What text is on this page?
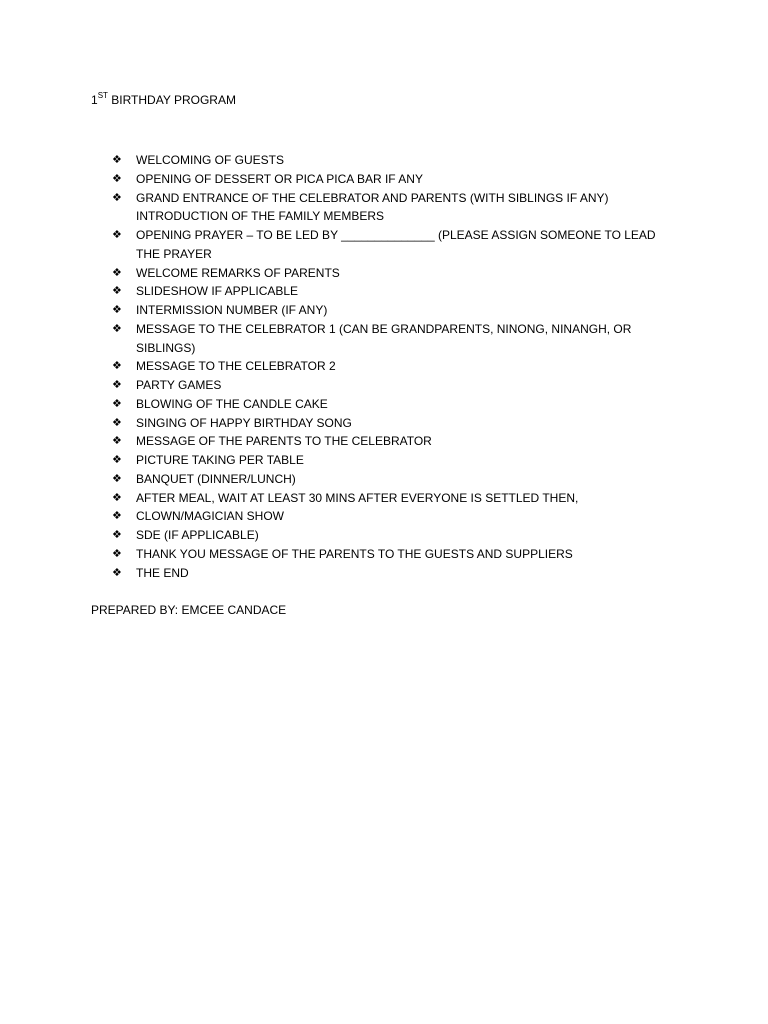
1ST BIRTHDAY PROGRAM
❖	WELCOMING OF GUESTS
❖	OPENING OF DESSERT OR PICA PICA BAR IF ANY
❖	GRAND ENTRANCE OF THE CELEBRATOR AND PARENTS (WITH SIBLINGS IF ANY) INTRODUCTION OF THE FAMILY MEMBERS
❖	OPENING PRAYER – TO BE LED BY ______________ (PLEASE ASSIGN SOMEONE TO LEAD THE PRAYER
❖	WELCOME REMARKS OF PARENTS
❖	SLIDESHOW IF APPLICABLE
❖	INTERMISSION NUMBER (IF ANY)
❖	MESSAGE TO THE CELEBRATOR 1 (CAN BE GRANDPARENTS, NINONG, NINANGH, OR SIBLINGS)
❖	MESSAGE TO THE CELEBRATOR 2
❖	PARTY GAMES
❖	BLOWING OF THE CANDLE CAKE
❖	SINGING OF HAPPY BIRTHDAY SONG
❖	MESSAGE OF THE PARENTS TO THE CELEBRATOR
❖	PICTURE TAKING PER TABLE
❖	BANQUET (DINNER/LUNCH)
❖	AFTER MEAL, WAIT AT LEAST 30 MINS AFTER EVERYONE IS SETTLED THEN,
❖	CLOWN/MAGICIAN SHOW
❖	SDE (IF APPLICABLE)
❖	THANK YOU MESSAGE OF THE PARENTS TO THE GUESTS AND SUPPLIERS
❖	THE END
PREPARED BY: EMCEE CANDACE
